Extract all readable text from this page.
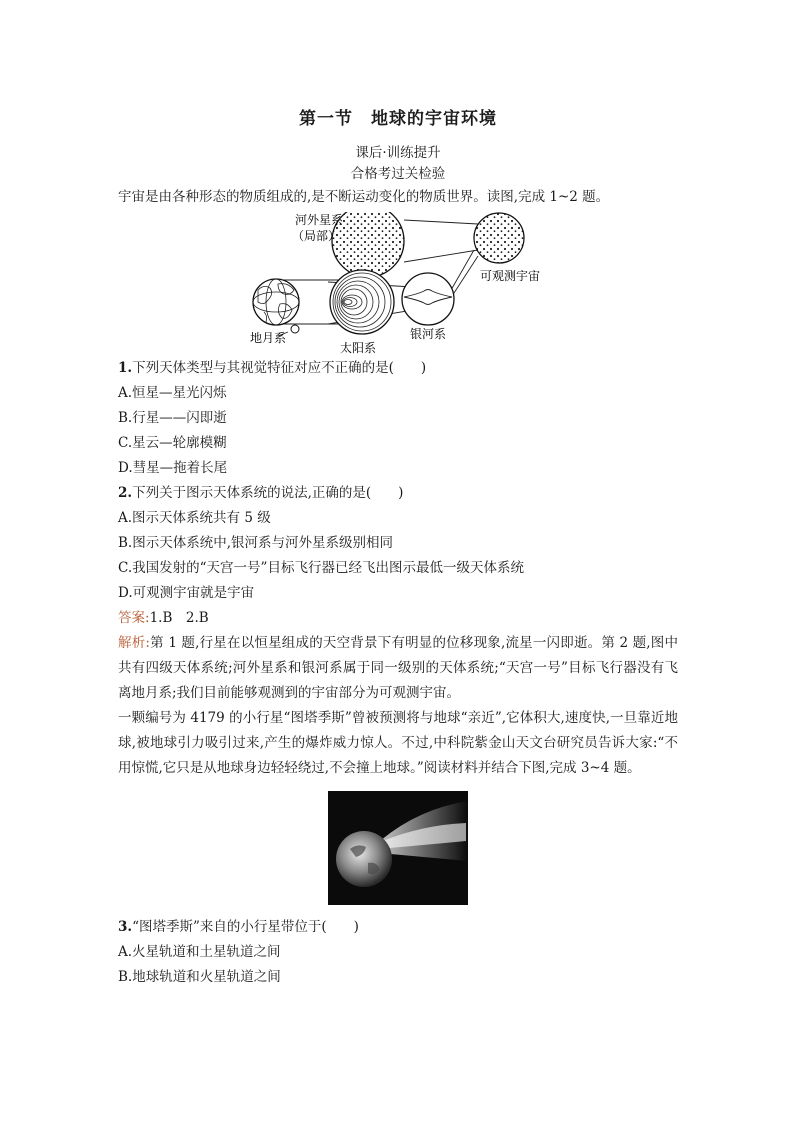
第一节　地球的宇宙环境
课后·训练提升
合格考过关检验

宇宙是由各种形态的物质组成的,是不断运动变化的物质世界。读图,完成 1~2 题。

河外星系
（局部）
可观测宇宙
银河系
太阳系
地月系
1.下列天体类型与其视觉特征对应不正确的是(　　)
A.恒星—星光闪烁
B.行星——闪即逝
C.星云—轮廓模糊
D.彗星—拖着长尾
2.下列关于图示天体系统的说法,正确的是(　　)
A.图示天体系统共有 5 级
B.图示天体系统中,银河系与河外星系级别相同
C.我国发射的“天宫一号”目标飞行器已经飞出图示最低一级天体系统
D.可观测宇宙就是宇宙

答案:1.B　2.B

解析:第 1 题,行星在以恒星组成的天空背景下有明显的位移现象,流星一闪即逝。第 2 题,图中共有四级天体系统;河外星系和银河系属于同一级别的天体系统;“天宫一号”目标飞行器没有飞离地月系;我们目前能够观测到的宇宙部分为可观测宇宙。

一颗编号为 4179 的小行星“图塔季斯”曾被预测将与地球“亲近”,它体积大,速度快,一旦靠近地球,被地球引力吸引过来,产生的爆炸威力惊人。不过,中科院紫金山天文台研究员告诉大家:“不用惊慌,它只是从地球身边轻轻绕过,不会撞上地球。”阅读材料并结合下图,完成 3~4 题。

3.“图塔季斯”来自的小行星带位于(　　)
A.火星轨道和土星轨道之间
B.地球轨道和火星轨道之间
